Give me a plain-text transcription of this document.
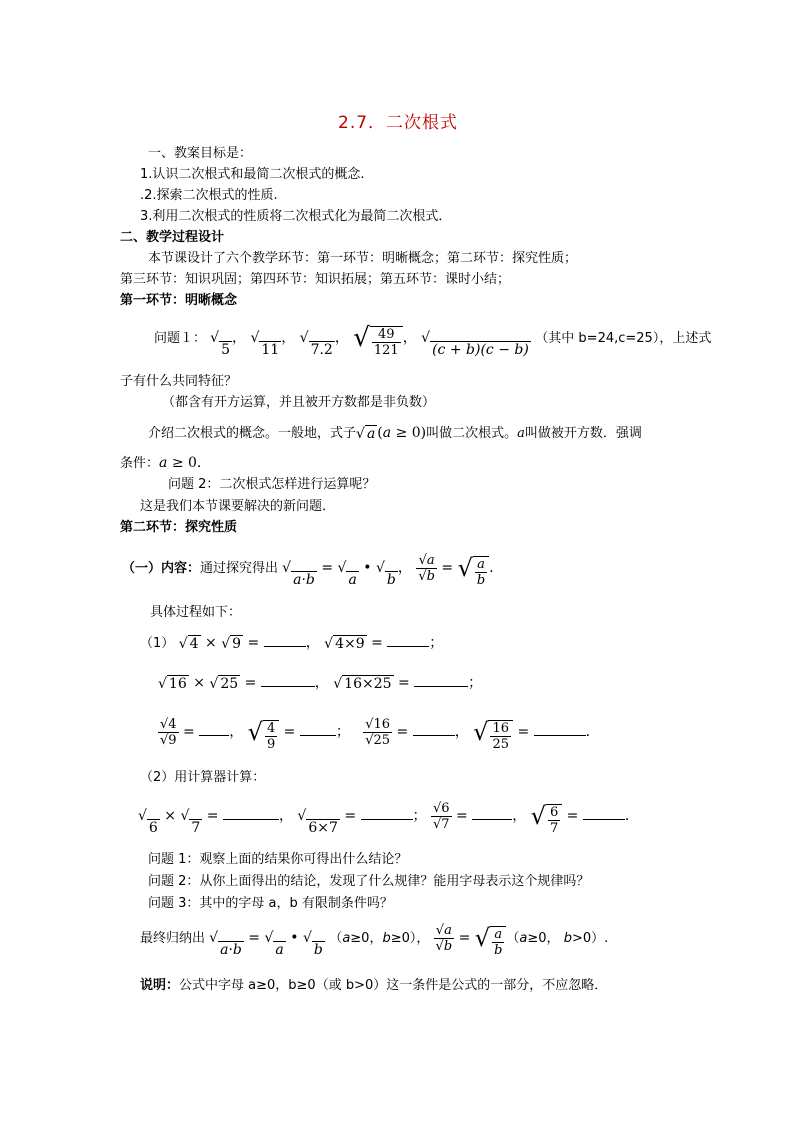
2.7．二次根式
一、教案目标是：
1.认识二次根式和最简二次根式的概念.
.2.探索二次根式的性质.
3.利用二次根式的性质将二次根式化为最简二次根式．
二、教学过程设计
本节课设计了六个教学环节：第一环节：明晰概念；第二环节：探究性质；
第三环节：知识巩固；第四环节：知识拓展；第五环节：课时小结；
第一环节：明晰概念
问题１： √5， √11， √7.2， √ $\frac{49}{121}$ ， √(c + b)(c − b) （其中 b=24,c=25），上述式
子有什么共同特征？
（都含有开方运算，并且被开方数都是非负数）
介绍二次根式的概念。一般地，式子√ a (a ≥ 0)叫做二次根式。a叫做被开方数．强调
条件：a ≥ 0．
问题 2：二次根式怎样进行运算呢？
这是我们本节课要解决的新问题．
第二环节：探究性质
（一）内容：通过探究得出 √a·b = √a • √b， $\frac{√a}{√b}$ = √ $\frac{a}{b}$ ．
具体过程如下：
（1） √ 4 × √ 9 =	， √ 4×9 =	；
√ 16 × √ 25 =	， √ 16×25 =	；
$\frac{√4}{√9}$ = ， √ $\frac{4}{9}$ =	； $\frac{√16}{√25}$ =	， √ $\frac{16}{25}$ =	．
（2）用计算器计算：
√6 × √7 =	， √6×7 =	； $\frac{√6}{√7}$ =	， √ $\frac{6}{7}$ =	．
问题 1：观察上面的结果你可得出什么结论？
问题 2：从你上面得出的结论，发现了什么规律？能用字母表示这个规律吗？
问题 3：其中的字母 a，b 有限制条件吗？
最终归纳出 √a·b = √a • √b （a≥0，b≥0）， $\frac{√a}{√b}$ = √ $\frac{a}{b} (a\ge 0$， b>0）.
说明：公式中字母 a≥0，b≥0（或 b>0）这一条件是公式的一部分，不应忽略．
